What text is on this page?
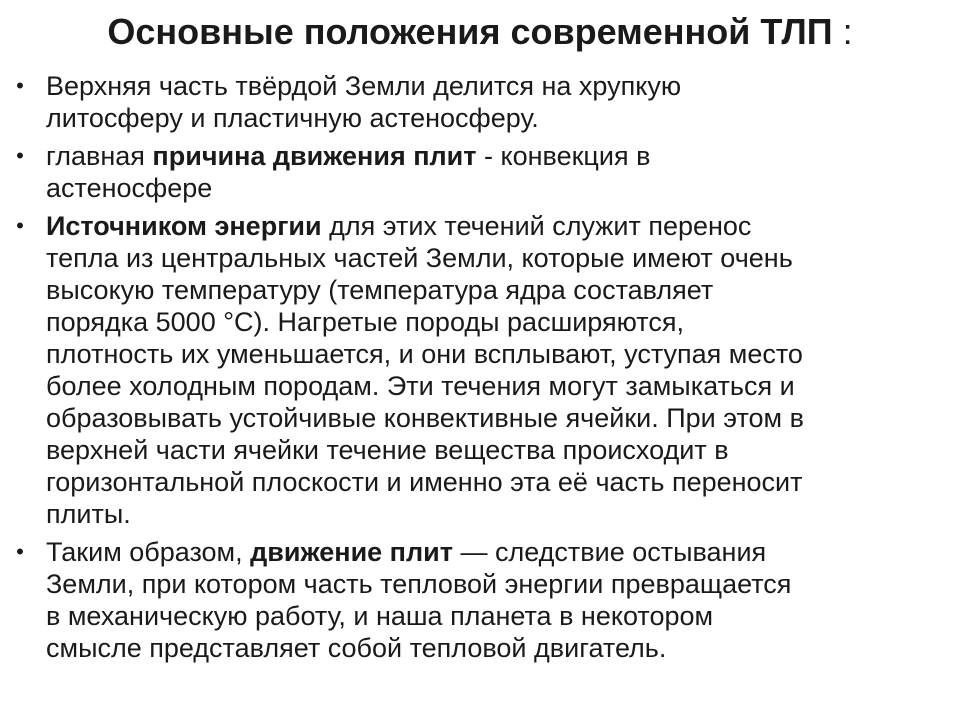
Основные положения современной ТЛП :
• Верхняя часть твёрдой Земли делится на хрупкую
литосферу и пластичную астеносферу.
• главная причина движения плит - конвекция в
астеносфере
• Источником энергии для этих течений служит перенос
тепла из центральных частей Земли, которые имеют очень
высокую температуру (температура ядра составляет
порядка 5000 °С). Нагретые породы расширяются,
плотность их уменьшается, и они всплывают, уступая место
более холодным породам. Эти течения могут замыкаться и
образовывать устойчивые конвективные ячейки. При этом в
верхней части ячейки течение вещества происходит в
горизонтальной плоскости и именно эта её часть переносит
плиты.
• Таким образом, движение плит — следствие остывания
Земли, при котором часть тепловой энергии превращается
в механическую работу, и наша планета в некотором
смысле представляет собой тепловой двигатель.
